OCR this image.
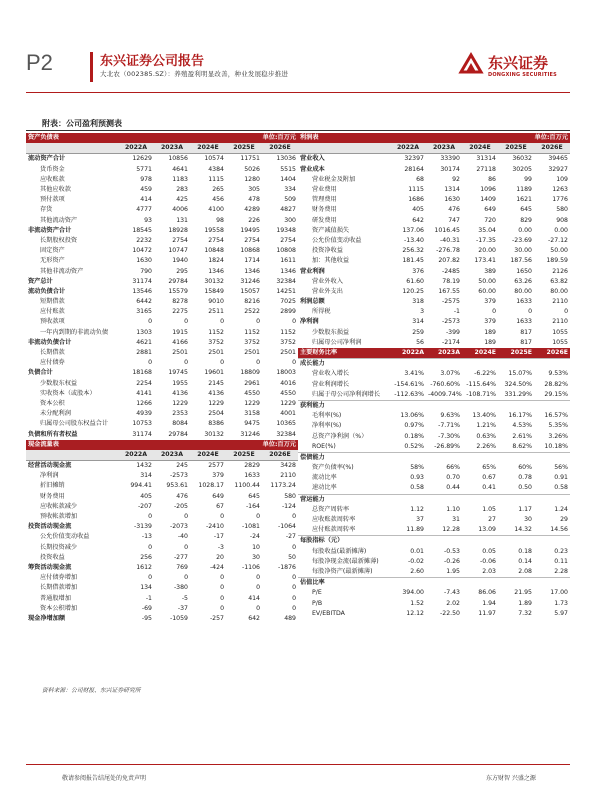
P2	东兴证券公司报告
大北农（002385.SZ）：养殖盈利明显改善，种业发展稳步推进
东兴证券
DONGXING SECURITIES
附表：公司盈利预测表
资产负债表	单位:百万元				
	2022A	2023A	2024E	2025E	2026E
流动资产合计	12629	10856	10574	11751	13036
货币资金	5771	4641	4384	5026	5515
应收账款	978	1183	1115	1280	1404
其他应收款	459	283	265	305	334
预付款项	414	425	456	478	509
存货	4777	4006	4100	4289	4827
其他流动资产	93	131	98	226	300
非流动资产合计	18545	18928	19558	19495	19348
长期股权投资	2232	2754	2754	2754	2754
固定资产	10472	10747	10848	10868	10808
无形资产	1630	1940	1824	1714	1611
其他非流动资产	790	295	1346	1346	1346
资产总计	31174	29784	30132	31246	32384
流动负债合计	13546	15579	15849	15057	14251
短期借款	6442	8278	9010	8216	7025
应付账款	3165	2275	2511	2522	2899
预收款项	0	0	0	0	0
一年内到期的非流动负债	1303	1915	1152	1152	1152
非流动负债合计	4621	4166	3752	3752	3752
长期借款	2881	2501	2501	2501	2501
应付债券	0	0	0	0	0
负债合计	18168	19745	19601	18809	18003
少数股东权益	2254	1955	2145	2961	4016
实收资本（或股本）	4141	4136	4136	4550	4550
资本公积	1266	1229	1229	1229	1229
未分配利润	4939	2353	2504	3158	4001
归属母公司股东权益合计	10753	8084	8386	9475	10365
负债和所有者权益	31174	29784	30132	31246	32384
现金流量表	单位:百万元				
	2022A	2023A	2024E	2025E	2026E
经营活动现金流	1432	245	2577	2829	3428
净利润	314	-2573	379	1633	2110
折旧摊销	994.41	953.61	1028.17	1100.44	1173.24
财务费用	405	476	649	645	580
应收帐款减少	-207	-205	67	-164	-124
预收帐款增加	0	0	0	0	0
投资活动现金流	-3139	-2073	-2410	-1081	-1064
公允价值变动收益	-13	-40	-17	-24	-27
长期投资减少	0	0	-3	10	0
投资收益	256	-277	20	30	50
筹资活动现金流	1612	769	-424	-1106	-1876
应付债券增加	0	0	0	0	0
长期借款增加	134	-380	0	0	0
普通股增加	-1	-5	0	414	0
资本公积增加	-69	-37	0	0	0
现金净增加额	-95	-1059	-257	642	489
利润表	单位:百万元				
	2022A	2023A	2024E	2025E	2026E
营业收入	32397	33390	31314	36032	39465
营业成本	28164	30174	27118	30205	32927
营业税金及附加	68	92	86	99	109
营业费用	1115	1314	1096	1189	1263
管理费用	1686	1630	1409	1621	1776
财务费用	405	476	649	645	580
研发费用	642	747	720	829	908
资产减值损失	137.06	1016.45	35.04	0.00	0.00
公允价值变动收益	-13.40	-40.31	-17.35	-23.69	-27.12
投资净收益	256.32	-276.78	20.00	30.00	50.00
加：其他收益	181.45	207.82	173.41	187.56	189.59
营业利润	376	-2485	389	1650	2126
营业外收入	61.60	78.19	50.00	63.26	63.82
营业外支出	120.25	167.55	60.00	80.00	80.00
利润总额	318	-2575	379	1633	2110
所得税	3	-1	0	0	0
净利润	314	-2573	379	1633	2110
少数股东损益	259	-399	189	817	1055
归属母公司净利润	56	-2174	189	817	1055
主要财务比率	2022A	2023A	2024E	2025E	2026E
成长能力					
营业收入增长	3.41%	3.07%	-6.22%	15.07%	9.53%
营业利润增长	-154.61%	-760.60%	-115.64%	324.50%	28.82%
归属于母公司净利润增长	-112.63%	-4009.74%	-108.71%	331.29%	29.15%
获利能力					
毛利率(%)	13.06%	9.63%	13.40%	16.17%	16.57%
净利率(%)	0.97%	-7.71%	1.21%	4.53%	5.35%
总资产净利润（%）	0.18%	-7.30%	0.63%	2.61%	3.26%
ROE(%)	0.52%	-26.89%	2.26%	8.62%	10.18%
偿债能力					
资产负债率(%)	58%	66%	65%	60%	56%
流动比率	0.93	0.70	0.67	0.78	0.91
速动比率	0.58	0.44	0.41	0.50	0.58
营运能力					
总资产周转率	1.12	1.10	1.05	1.17	1.24
应收账款周转率	37	31	27	30	29
应付账款周转率	11.89	12.28	13.09	14.32	14.56
每股指标（元）					
每股收益(最新摊薄)	0.01	-0.53	0.05	0.18	0.23
每股净现金流(最新摊薄)	-0.02	-0.26	-0.06	0.14	0.11
每股净资产(最新摊薄)	2.60	1.95	2.03	2.08	2.28
估值比率					
P/E	394.00	-7.43	86.06	21.95	17.00
P/B	1.52	2.02	1.94	1.89	1.73
EV/EBITDA	12.12	-22.50	11.97	7.32	5.97
资料来源：公司财报、东兴证券研究所
敬请参阅报告结尾处的免责声明	东方财智 兴盛之源
